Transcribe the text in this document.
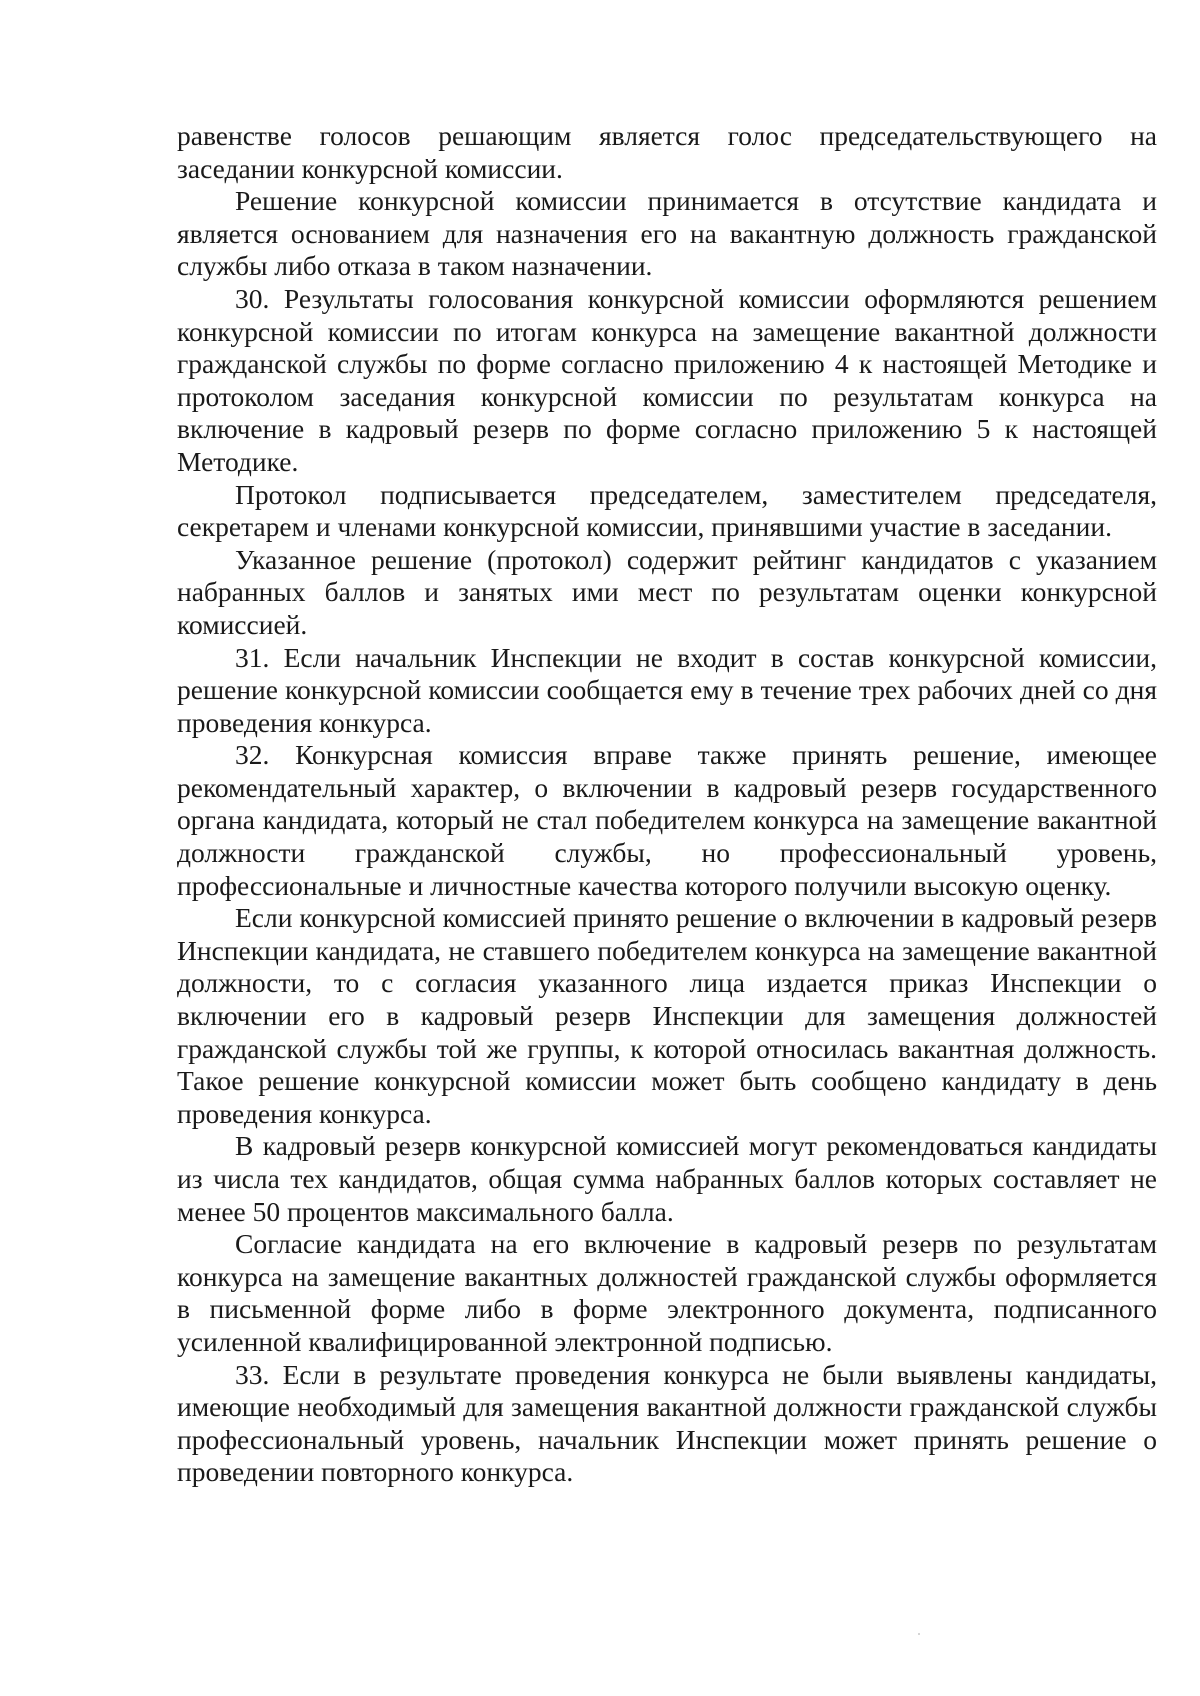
равенстве голосов решающим является голос председательствующего на заседании конкурсной комиссии.

Решение конкурсной комиссии принимается в отсутствие кандидата и является основанием для назначения его на вакантную должность гражданской службы либо отказа в таком назначении.

30. Результаты голосования конкурсной комиссии оформляются решением конкурсной комиссии по итогам конкурса на замещение вакантной должности гражданской службы по форме согласно приложению 4 к настоящей Методике и протоколом заседания конкурсной комиссии по результатам конкурса на включение в кадровый резерв по форме согласно приложению 5 к настоящей Методике.

Протокол подписывается председателем, заместителем председателя, секретарем и членами конкурсной комиссии, принявшими участие в заседании.

Указанное решение (протокол) содержит рейтинг кандидатов с указанием набранных баллов и занятых ими мест по результатам оценки конкурсной комиссией.

31. Если начальник Инспекции не входит в состав конкурсной комиссии, решение конкурсной комиссии сообщается ему в течение трех рабочих дней со дня проведения конкурса.

32. Конкурсная комиссия вправе также принять решение, имеющее рекомендательный характер, о включении в кадровый резерв государственного органа кандидата, который не стал победителем конкурса на замещение вакантной должности гражданской службы, но профессиональный уровень, профессиональные и личностные качества которого получили высокую оценку.

Если конкурсной комиссией принято решение о включении в кадровый резерв Инспекции кандидата, не ставшего победителем конкурса на замещение вакантной должности, то с согласия указанного лица издается приказ Инспекции о включении его в кадровый резерв Инспекции для замещения должностей гражданской службы той же группы, к которой относилась вакантная должность. Такое решение конкурсной комиссии может быть сообщено кандидату в день проведения конкурса.

В кадровый резерв конкурсной комиссией могут рекомендоваться кандидаты из числа тех кандидатов, общая сумма набранных баллов которых составляет не менее 50 процентов максимального балла.

Согласие кандидата на его включение в кадровый резерв по результатам конкурса на замещение вакантных должностей гражданской службы оформляется в письменной форме либо в форме электронного документа, подписанного усиленной квалифицированной электронной подписью.

33. Если в результате проведения конкурса не были выявлены кандидаты, имеющие необходимый для замещения вакантной должности гражданской службы профессиональный уровень, начальник Инспекции может принять решение о проведении повторного конкурса.
